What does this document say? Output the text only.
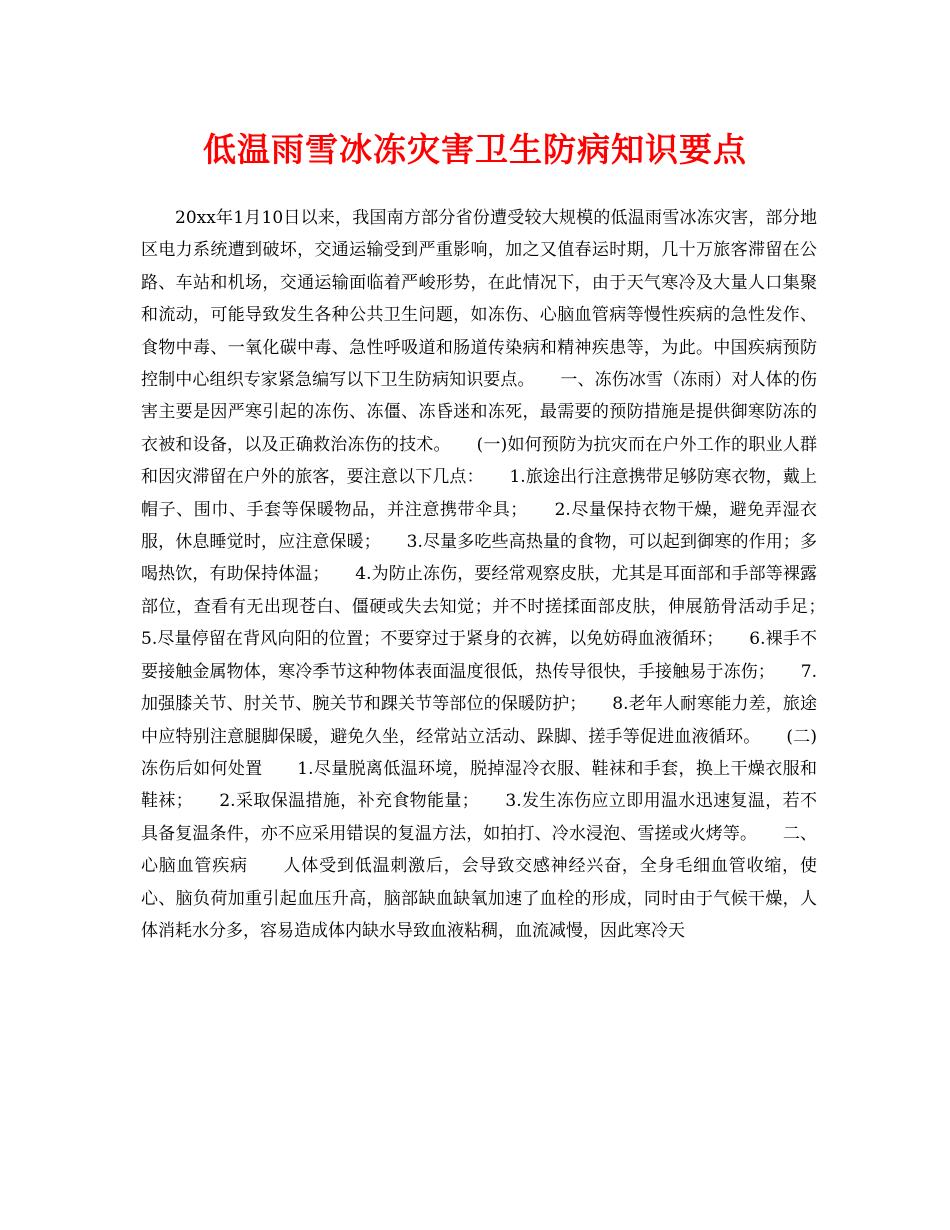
低温雨雪冰冻灾害卫生防病知识要点

20xx年1月10日以来，我国南方部分省份遭受较大规模的低温雨雪冰冻灾害，部分地区电力系统遭到破坏，交通运输受到严重影响，加之又值春运时期，几十万旅客滞留在公路、车站和机场，交通运输面临着严峻形势，在此情况下，由于天气寒冷及大量人口集聚和流动，可能导致发生各种公共卫生问题，如冻伤、心脑血管病等慢性疾病的急性发作、食物中毒、一氧化碳中毒、急性呼吸道和肠道传染病和精神疾患等，为此。中国疾病预防控制中心组织专家紧急编写以下卫生防病知识要点。　　一、冻伤冰雪（冻雨）对人体的伤害主要是因严寒引起的冻伤、冻僵、冻昏迷和冻死，最需要的预防措施是提供御寒防冻的衣被和设备，以及正确救治冻伤的技术。　　(一)如何预防为抗灾而在户外工作的职业人群和因灾滞留在户外的旅客，要注意以下几点：　　1.旅途出行注意携带足够防寒衣物，戴上帽子、围巾、手套等保暖物品，并注意携带伞具；　　2.尽量保持衣物干燥，避免弄湿衣服，休息睡觉时，应注意保暖；　　3.尽量多吃些高热量的食物，可以起到御寒的作用；多喝热饮，有助保持体温；　　4.为防止冻伤，要经常观察皮肤，尤其是耳面部和手部等裸露部位，查看有无出现苍白、僵硬或失去知觉；并不时搓揉面部皮肤，伸展筋骨活动手足；　　5.尽量停留在背风向阳的位置；不要穿过于紧身的衣裤，以免妨碍血液循环；　　6.裸手不要接触金属物体，寒冷季节这种物体表面温度很低，热传导很快，手接触易于冻伤；　　7.加强膝关节、肘关节、腕关节和踝关节等部位的保暖防护；　　8.老年人耐寒能力差，旅途中应特别注意腿脚保暖，避免久坐，经常站立活动、跺脚、搓手等促进血液循环。　　(二)冻伤后如何处置　　1.尽量脱离低温环境，脱掉湿冷衣服、鞋袜和手套，换上干燥衣服和鞋袜；　　2.采取保温措施，补充食物能量；　　3.发生冻伤应立即用温水迅速复温，若不具备复温条件，亦不应采用错误的复温方法，如拍打、冷水浸泡、雪搓或火烤等。　　二、心脑血管疾病　　人体受到低温刺激后，会导致交感神经兴奋，全身毛细血管收缩，使心、脑负荷加重引起血压升高，脑部缺血缺氧加速了血栓的形成，同时由于气候干燥，人体消耗水分多，容易造成体内缺水导致血液粘稠，血流减慢，因此寒冷天
